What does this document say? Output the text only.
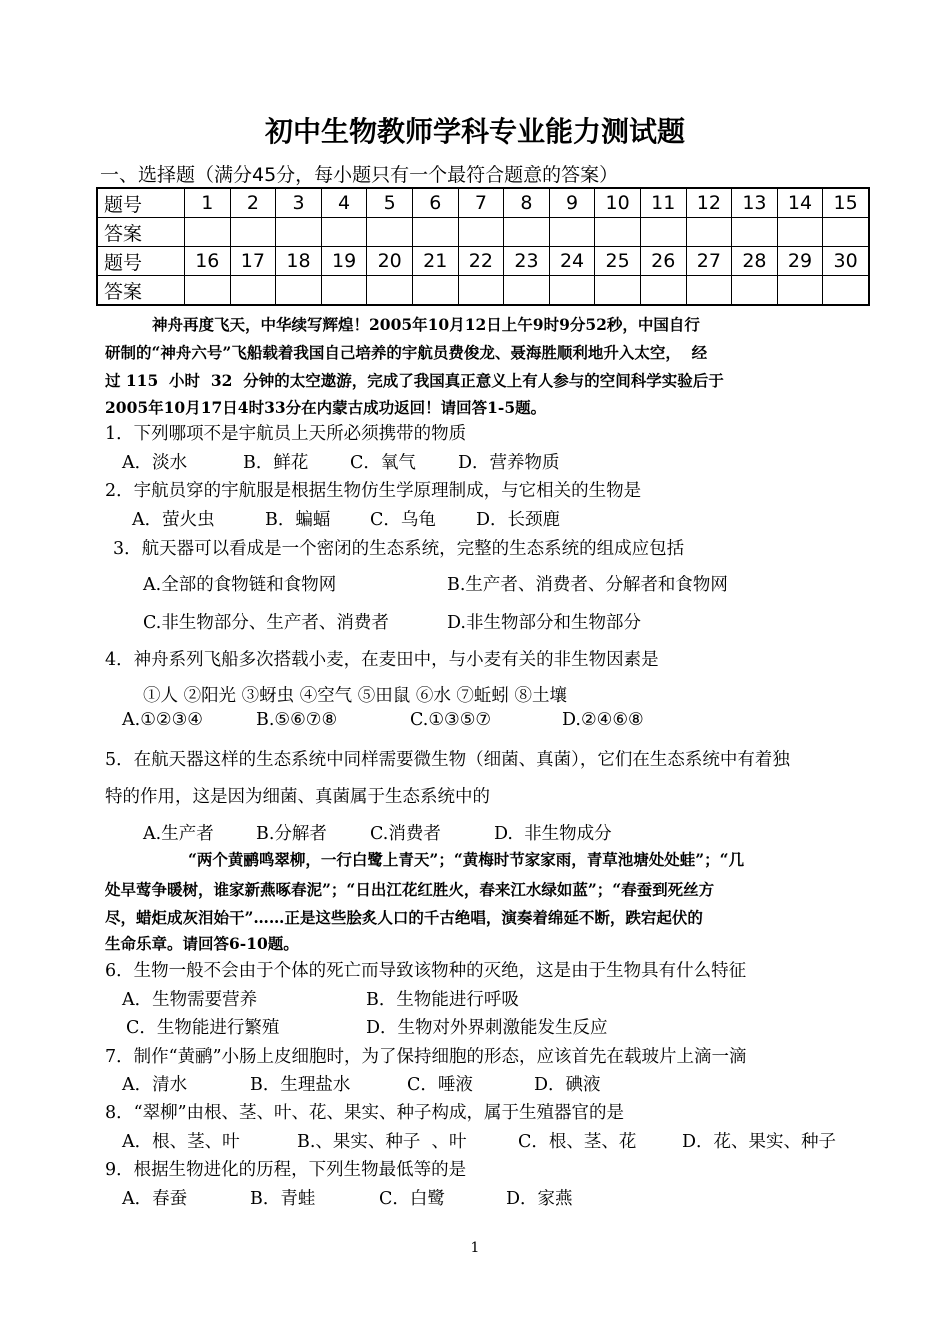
初中生物教师学科专业能力测试题
一、选择题（满分45分，每小题只有一个最符合题意的答案）
题号	1	2	3	4	5	6	7	8	9	10	11	12	13	14	15
答案															
题号	16	17	18	19	20	21	22	23	24	25	26	27	28	29	30
答案															
神舟再度飞天，中华续写辉煌！2005年10月12日上午9时9分52秒，中国自行
研制的“神舟六号”飞船载着我国自己培养的宇航员费俊龙、聂海胜顺利地升入太空，  经
过 115  小时  32  分钟的太空遨游，完成了我国真正意义上有人参与的空间科学实验后于
2005年10月17日4时33分在内蒙古成功返回！请回答1-5题。
1．下列哪项不是宇航员上天所必须携带的物质
A．淡水	B．鲜花 C．氧气 D．营养物质
2．宇航员穿的宇航服是根据生物仿生学原理制成，与它相关的生物是
A．萤火虫	B．蝙蝠 C．乌龟 D．长颈鹿
3．航天器可以看成是一个密闭的生态系统，完整的生态系统的组成应包括
A.全部的食物链和食物网	B.生产者、消费者、分解者和食物网
C.非生物部分、生产者、消费者	D.非生物部分和生物部分
4．神舟系列飞船多次搭载小麦，在麦田中，与小麦有关的非生物因素是
①人 ②阳光 ③蚜虫 ④空气 ⑤田鼠 ⑥水 ⑦蚯蚓 ⑧土壤
A.①②③④	B.⑤⑥⑦⑧	C.①③⑤⑦	D.②④⑥⑧
5．在航天器这样的生态系统中同样需要微生物（细菌、真菌），它们在生态系统中有着独
特的作用，这是因为细菌、真菌属于生态系统中的
A.生产者 B.分解者 C.消费者	D.  非生物成分
“两个黄鹂鸣翠柳，一行白鹭上青天”；“黄梅时节家家雨，青草池塘处处蛙”；“几
处早莺争暖树，谁家新燕啄春泥”；“日出江花红胜火，春来江水绿如蓝”；“春蚕到死丝方
尽，蜡炬成灰泪始干”……正是这些脍炙人口的千古绝唱，演奏着绵延不断，跌宕起伏的
生命乐章。请回答6-10题。
6．生物一般不会由于个体的死亡而导致该物种的灭绝，这是由于生物具有什么特征
A．生物需要营养	B．生物能进行呼吸
C．生物能进行繁殖	D．生物对外界刺激能发生反应
7．制作“黄鹂”小肠上皮细胞时，为了保持细胞的形态，应该首先在载玻片上滴一滴
A．清水	B．生理盐水	C．唾液	D．碘液
8．“翠柳”由根、茎、叶、花、果实、种子构成，属于生殖器官的是
A．根、茎、叶	B.、果实、种子  、叶	C．根、茎、花	D．花、果实、种子
9．根据生物进化的历程，下列生物最低等的是
A．春蚕	B．青蛙	C．白鹭	D．家燕
1
